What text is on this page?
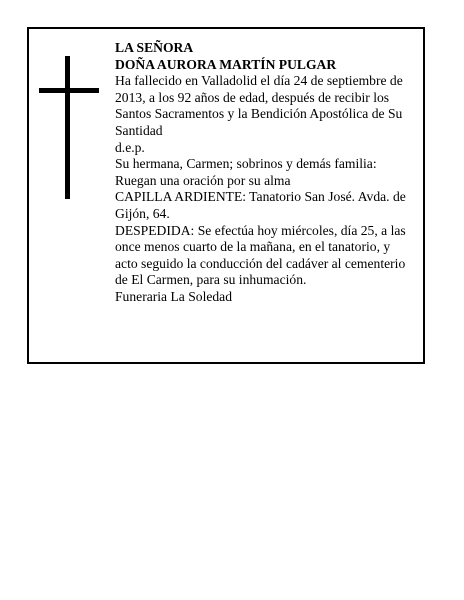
LA SEÑORA

DOÑA AURORA MARTÍN PULGAR

Ha fallecido en Valladolid el día 24 de septiembre de 2013, a los 92 años de edad, después de recibir los Santos Sacramentos y la Bendición Apostólica de Su Santidad

d.e.p.

Su hermana, Carmen; sobrinos y demás familia:

Ruegan una oración por su alma

CAPILLA ARDIENTE: Tanatorio San José. Avda. de Gijón, 64.

DESPEDIDA: Se efectúa hoy miércoles, día 25, a las once menos cuarto de la mañana, en el tanatorio, y acto seguido la conducción del cadáver al cementerio de El Carmen, para su inhumación.

Funeraria La Soledad
